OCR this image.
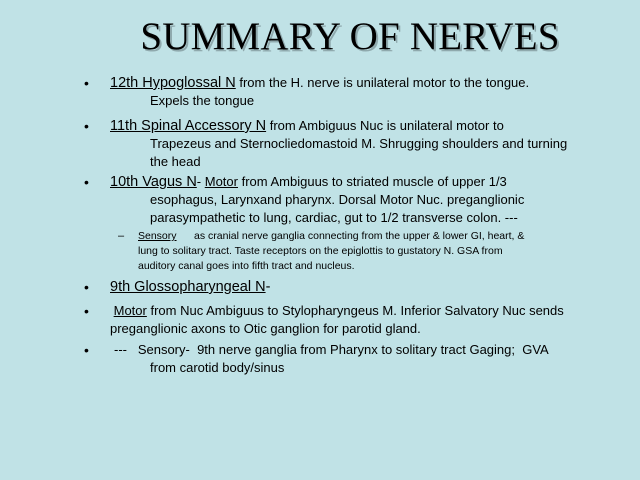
SUMMARY OF NERVES
• 12th Hypoglossal N from the H. nerve is unilateral motor to the tongue.
Expels the tongue
• 11th Spinal Accessory N from Ambiguus Nuc is unilateral motor to
Trapezeus and Sternocliedomastoid M. Shrugging shoulders and turning
the head
• 10th Vagus N- Motor from Ambiguus to striated muscle of upper 1/3
esophagus, Larynxand pharynx. Dorsal Motor Nuc. preganglionic
parasympathetic to lung, cardiac, gut to 1/2 transverse colon. ---
– Sensory      as cranial nerve ganglia connecting from the upper & lower GI, heart, &
lung to solitary tract. Taste receptors on the epiglottis to gustatory N. GSA from
auditory canal goes into fifth tract and nucleus.
• 9th Glossopharyngeal N-
• Motor from Nuc Ambiguus to Stylopharyngeus M. Inferior Salvatory Nuc sends
preganglionic axons to Otic ganglion for parotid gland.
•	---   Sensory-  9th nerve ganglia from Pharynx to solitary tract Gaging;  GVA
from carotid body/sinus
